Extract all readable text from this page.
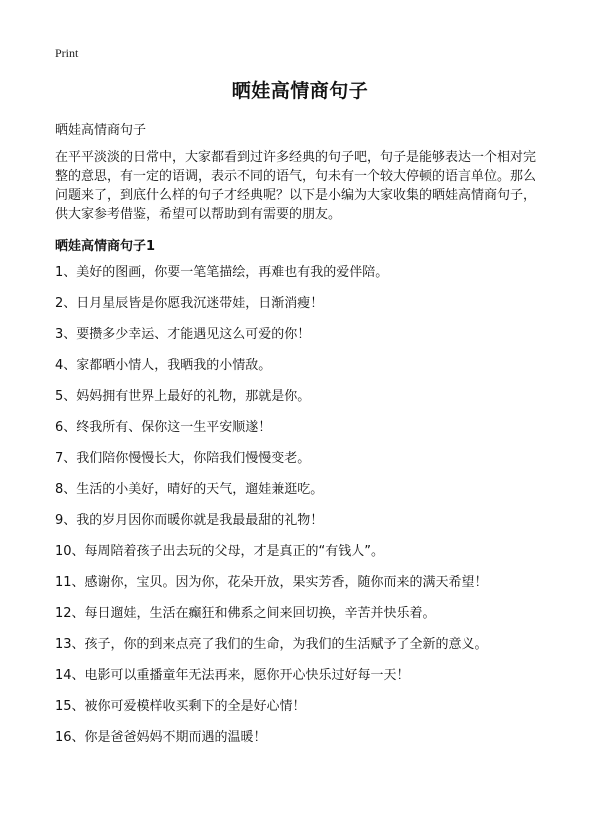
Print
晒娃高情商句子

晒娃高情商句子

在平平淡淡的日常中，大家都看到过许多经典的句子吧，句子是能够表达一个相对完整的意思，有一定的语调，表示不同的语气，句未有一个较大停顿的语言单位。那么问题来了，到底什么样的句子才经典呢？以下是小编为大家收集的晒娃高情商句子，供大家参考借鉴，希望可以帮助到有需要的朋友。

晒娃高情商句子1
1、美好的图画，你要一笔笔描绘，再难也有我的爱伴陪。
2、日月星辰皆是你愿我沉迷带娃，日渐消瘦！
3、要攒多少幸运、才能遇见这么可爱的你！
4、家都晒小情人，我晒我的小情敌。
5、妈妈拥有世界上最好的礼物，那就是你。
6、终我所有、保你这一生平安顺遂！
7、我们陪你慢慢长大，你陪我们慢慢变老。
8、生活的小美好，晴好的天气，遛娃兼逛吃。
9、我的岁月因你而暖你就是我最最甜的礼物！
10、每周陪着孩子出去玩的父母，才是真正的“有钱人”。
11、感谢你，宝贝。因为你，花朵开放，果实芳香，随你而来的满天希望！
12、每日遛娃，生活在癫狂和佛系之间来回切换，辛苦并快乐着。
13、孩子，你的到来点亮了我们的生命，为我们的生活赋予了全新的意义。
14、电影可以重播童年无法再来，愿你开心快乐过好每一天！
15、被你可爱模样收买剩下的全是好心情！
16、你是爸爸妈妈不期而遇的温暖！
